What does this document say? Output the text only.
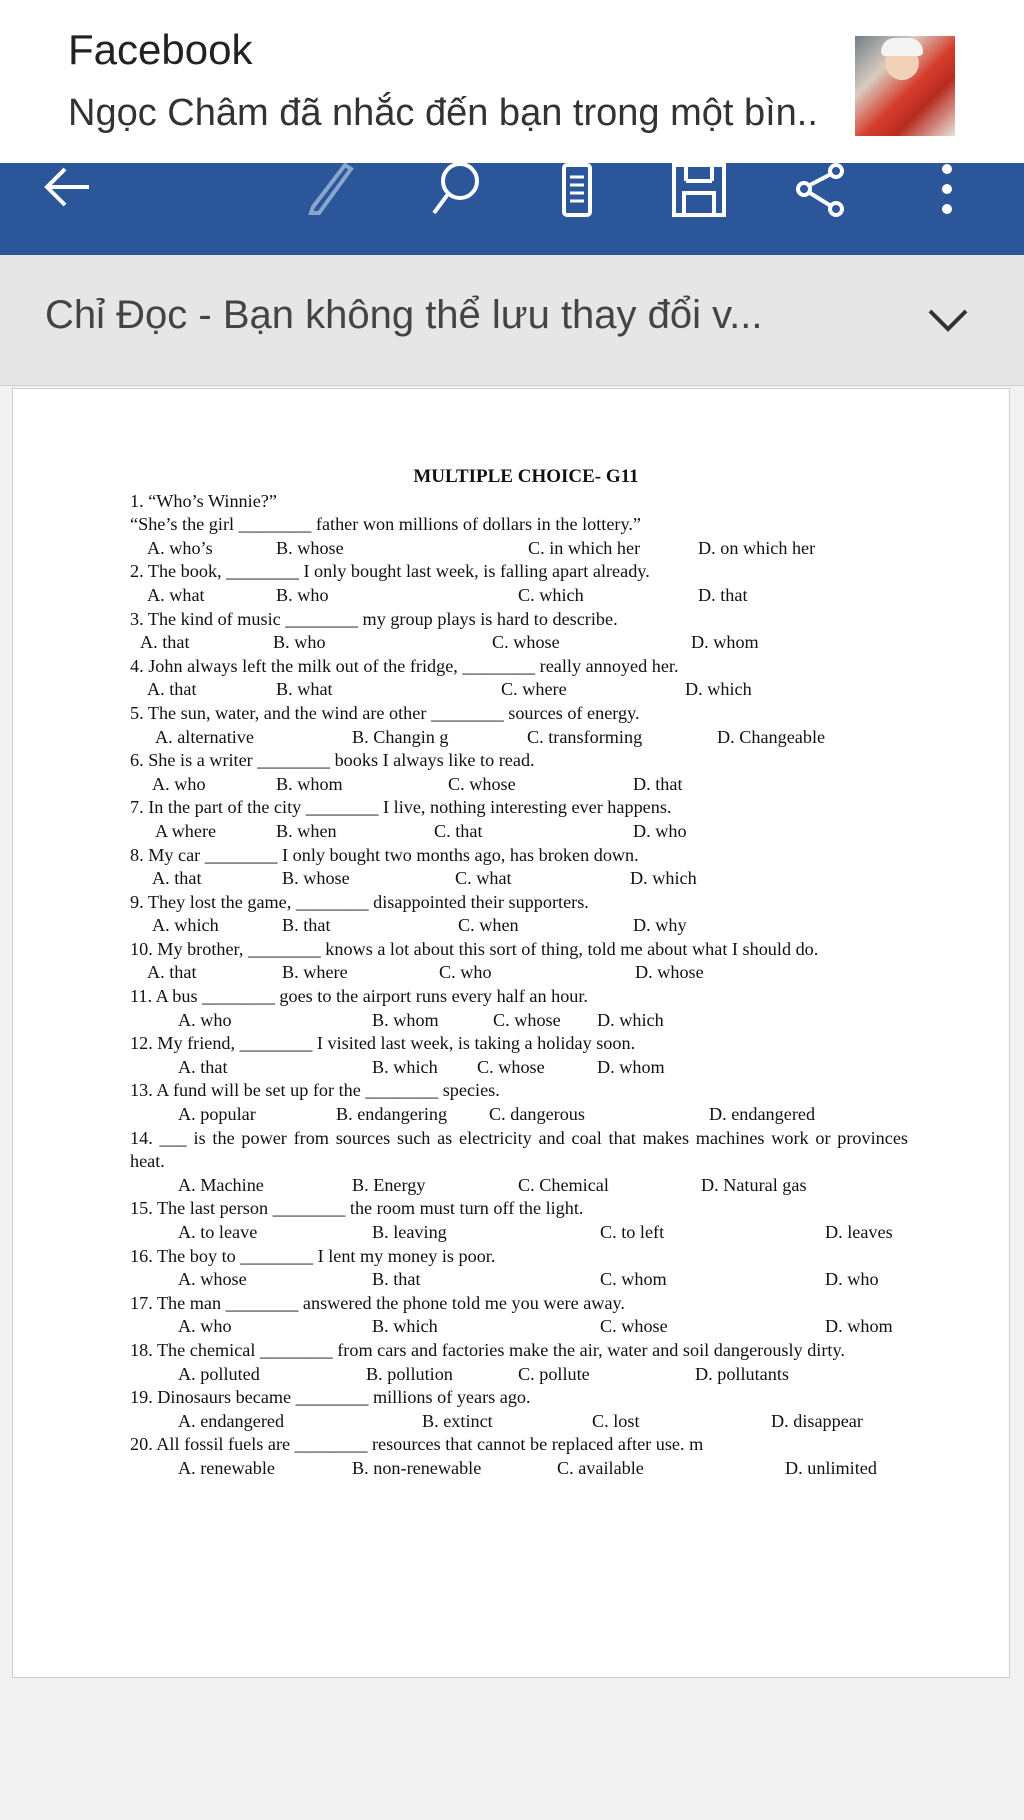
Facebook
Ngọc Châm đã nhắc đến bạn trong một bìn..
Chỉ Đọc - Bạn không thể lưu thay đổi v...
MULTIPLE CHOICE- G11
1. “Who’s Winnie?”
“She’s the girl ________ father won millions of dollars in the lottery.”
A. who’s	B. whose	C. in which her	D. on which her
2. The book, ________ I only bought last week, is falling apart already.
A. what	B. who	C. which	D. that
3. The kind of music ________ my group plays is hard to describe.
A. that	B. who	C. whose	D. whom
4. John always left the milk out of the fridge, ________ really annoyed her.
A. that	B. what	C. where	D. which
5. The sun, water, and the wind are other ________ sources of energy.
A. alternative	B. Changin g	C. transforming	D. Changeable
6. She is a writer ________ books I always like to read.
A. who	B. whom	C. whose	D. that
7. In the part of the city ________ I live, nothing interesting ever happens.
A where	B. when	C. that	D. who
8. My car ________ I only bought two months ago, has broken down.
A. that	B. whose	C. what	D. which
9. They lost the game, ________ disappointed their supporters.
A. which	B. that	C. when	D. why
10. My brother, ________ knows a lot about this sort of thing, told me about what I should do.
A. that	B. where	C. who	D. whose
11. A bus ________ goes to the airport runs every half an hour.
A. who	B. whom	C. whose D. which
12. My friend, ________ I visited last week, is taking a holiday soon.
A. that	B. which C. whose	D. whom
13. A fund will be set up for the ________ species.
A. popular	B. endangering C. dangerous	D. endangered
14. ___ is the power from sources such as electricity and coal that makes machines work or provinces heat.
A. Machine	B. Energy	C. Chemical	D. Natural gas
15. The last person ________ the room must turn off the light.
A. to leave	B. leaving	C. to left	D. leaves
16. The boy to ________ I lent my money is poor.
A. whose	B. that	C. whom	D. who
17. The man ________ answered the phone told me you were away.
A. who	B. which	C. whose	D. whom
18. The chemical ________ from cars and factories make the air, water and soil dangerously dirty.
A. polluted	B. pollution	C. pollute	D. pollutants
19. Dinosaurs became ________ millions of years ago.
A. endangered	B. extinct	C. lost	D. disappear
20. All fossil fuels are ________ resources that cannot be replaced after use. m
A. renewable	B. non-renewable	C. available	D. unlimited
